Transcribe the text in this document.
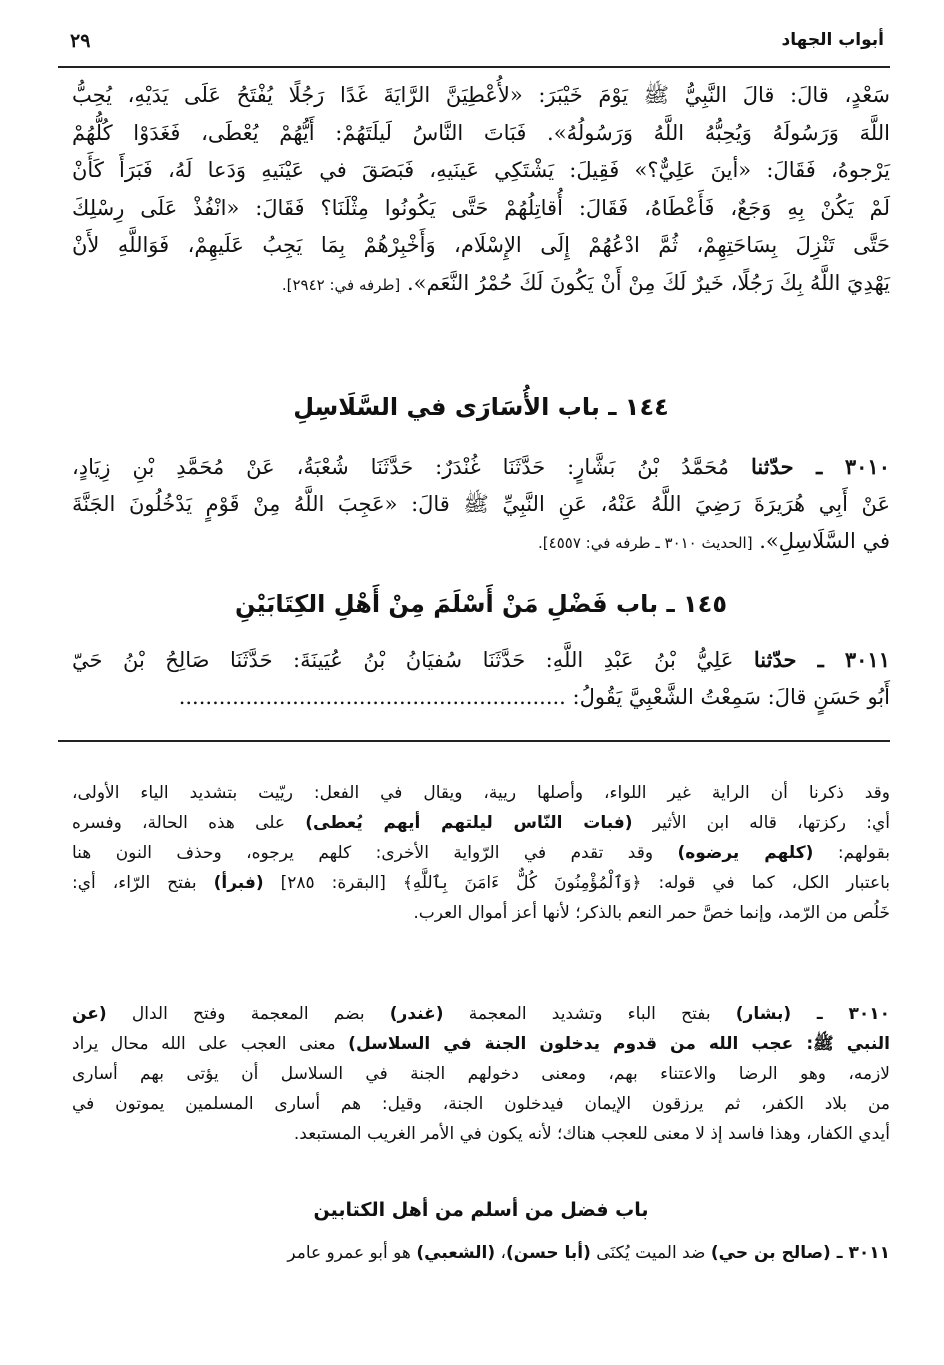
أبواب الجهاد
٢٩
سَعْدٍ، قالَ: قالَ النَّبِيُّ ﷺ يَوْمَ خَيْبَرَ: «لأُعْطِيَنَّ الرَّايَةَ غَدًا رَجُلًا يُفْتَحُ عَلَى يَدَيْهِ، يُحِبُّ
اللَّهَ وَرَسُولَهُ وَيُحِبُّهُ اللَّهُ وَرَسُولُهُ». فَبَاتَ النَّاسُ لَيلَتَهُمْ: أَيُّهُمْ يُعْطَى، فَغَدَوْا كُلُّهُمْ
يَرْجوهُ، فَقَالَ: «أينَ عَلِيٌّ؟» فَقِيلَ: يَشْتَكِي عَينَيهِ، فَبَصَقَ في عَيْنَيهِ وَدَعا لَهُ، فَبَرَأَ كَأَنْ
لَمْ يَكُنْ بِهِ وَجَعٌ، فَأَعْطَاهُ، فَقَالَ: أُقاتِلُهُمْ حَتَّى يَكُونُوا مِثْلَنَا؟ فَقَالَ: «انْفُذْ عَلَى رِسْلِكَ
حَتَّى تَنْزِلَ بِسَاحَتِهِمْ، ثُمَّ ادْعُهُمْ إِلَى الإِسْلَام، وَأَخْبِرْهُمْ بِمَا يَجِبُ عَلَيهِمْ، فَوَاللَّهِ لأَنْ
يَهْدِيَ اللَّهُ بِكَ رَجُلًا، خَيرٌ لَكَ مِنْ أَنْ يَكُونَ لَكَ حُمْرُ النَّعَم». [طرفه في: ٢٩٤٢].
١٤٤ ـ باب الأُسَارَى في السَّلَاسِلِ
٣٠١٠ ـ حدّثنا مُحَمَّدُ بْنُ بَشَّارٍ: حَدَّثَنَا غُنْدَرٌ: حَدَّثَنَا شُعْبَةُ، عَنْ مُحَمَّدِ بْنِ زِيَادٍ،
عَنْ أَبِي هُرَيرَةَ رَضِيَ اللَّهُ عَنْهُ، عَنِ النَّبِيِّ ﷺ قالَ: «عَجِبَ اللَّهُ مِنْ قَوْمٍ يَدْخُلُونَ الجَنَّةَ
في السَّلَاسِلِ». [الحديث ٣٠١٠ ـ طرفه في: ٤٥٥٧].
١٤٥ ـ باب فَضْلِ مَنْ أَسْلَمَ مِنْ أَهْلِ الكِتَابَيْنِ
٣٠١١ ـ حدّثنا عَلِيُّ بْنُ عَبْدِ اللَّهِ: حَدَّثَنَا سُفيَانُ بْنُ عُيَينَةَ: حَدَّثَنَا صَالِحُ بْنُ حَيّ
أَبُو حَسَنٍ قالَ: سَمِعْتُ الشَّعْبِيَّ يَقُولُ: ..........................................................
وقد ذكرنا أن الراية غير اللواء، وأصلها ريية، ويقال في الفعل: ريّيت بتشديد الياء الأولى،
أي: ركزتها، قاله ابن الأثير (فبات النّاس ليلتهم أيهم يُعطى) على هذه الحالة، وفسره
بقولهم: (كلهم يرضوه) وقد تقدم في الرّواية الأخرى: كلهم يرجوه، وحذف النون هنا
باعتبار الكل، كما في قوله: ﴿وَٱلْمُؤْمِنُونَ كُلٌّ ءَامَنَ بِٱللَّهِ﴾ [البقرة: ٢٨٥] (فبرأ) بفتح الرّاء، أي:
خَلُص من الرّمد، وإنما خصَّ حمر النعم بالذكر؛ لأنها أعز أموال العرب.
٣٠١٠ ـ (بشار) بفتح الباء وتشديد المعجمة (غندر) بضم المعجمة وفتح الدال (عن
النبي ﷺ: عجب الله من قدوم يدخلون الجنة في السلاسل) معنى العجب على الله محال يراد
لازمه، وهو الرضا والاعتناء بهم، ومعنى دخولهم الجنة في السلاسل أن يؤتى بهم أسارى
من بلاد الكفر، ثم يرزقون الإيمان فيدخلون الجنة، وقيل: هم أسارى المسلمين يموتون في
أيدي الكفار، وهذا فاسد إذ لا معنى للعجب هناك؛ لأنه يكون في الأمر الغريب المستبعد.
باب فضل من أسلم من أهل الكتابين
٣٠١١ ـ (صالح بن حي) ضد الميت يُكنَى (أبا حسن)، (الشعبي) هو أبو عمرو عامر
